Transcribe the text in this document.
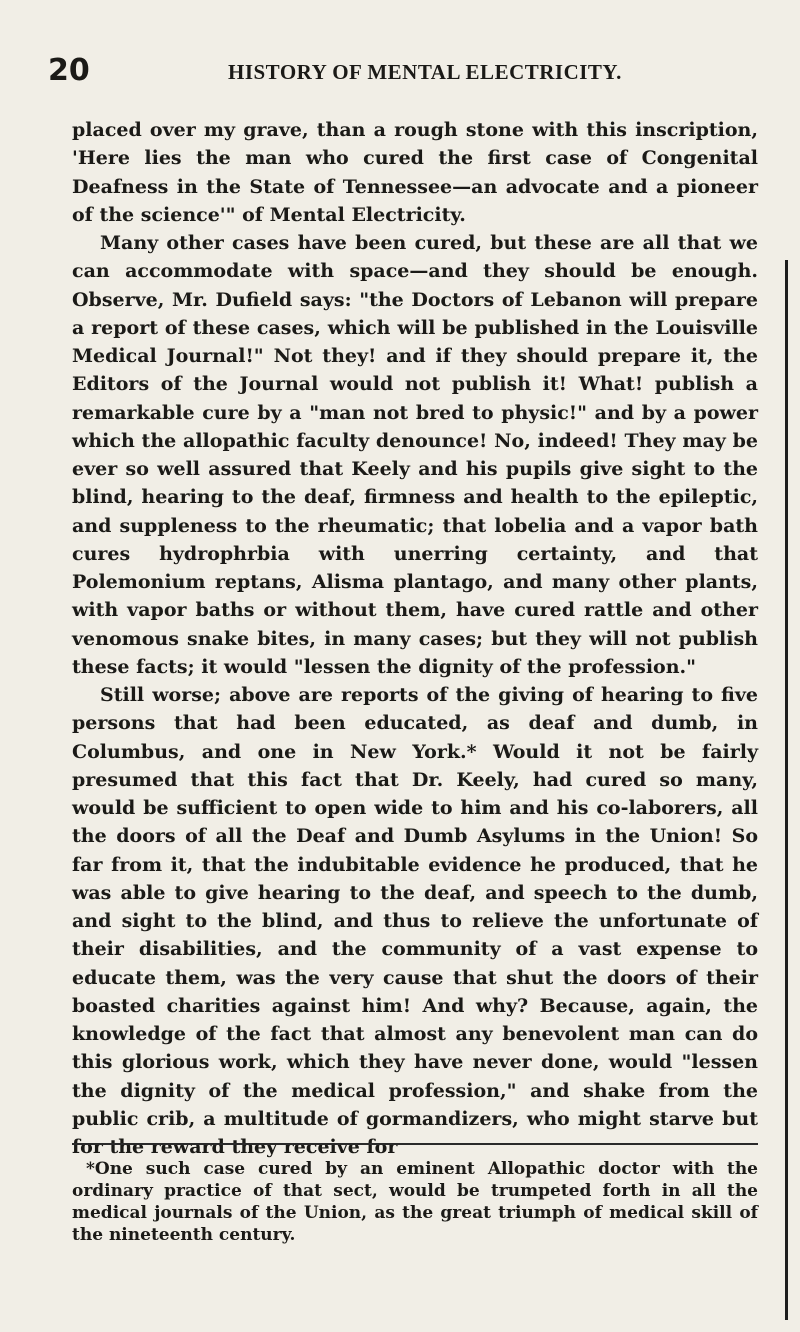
20	HISTORY OF MENTAL ELECTRICITY.

placed over my grave, than a rough stone with this inscription, 'Here lies the man who cured the first case of Congenital Deafness in the State of Tennessee—an advocate and a pioneer of the science'" of Mental Electricity.

Many other cases have been cured, but these are all that we can accommodate with space—and they should be enough. Observe, Mr. Dufield says: "the Doctors of Lebanon will prepare a report of these cases, which will be published in the Louisville Medical Journal!" Not they! and if they should prepare it, the Editors of the Journal would not publish it! What! publish a remarkable cure by a "man not bred to physic!" and by a power which the allopathic faculty denounce! No, indeed! They may be ever so well assured that Keely and his pupils give sight to the blind, hearing to the deaf, firmness and health to the epileptic, and suppleness to the rheumatic; that lobelia and a vapor bath cures hydrophrbia with unerring certainty, and that Polemonium reptans, Alisma plantago, and many other plants, with vapor baths or without them, have cured rattle and other venomous snake bites, in many cases; but they will not publish these facts; it would "lessen the dignity of the profession."

Still worse; above are reports of the giving of hearing to five persons that had been educated, as deaf and dumb, in Columbus, and one in New York.* Would it not be fairly presumed that this fact that Dr. Keely, had cured so many, would be sufficient to open wide to him and his co-laborers, all the doors of all the Deaf and Dumb Asylums in the Union! So far from it, that the indubitable evidence he produced, that he was able to give hearing to the deaf, and speech to the dumb, and sight to the blind, and thus to relieve the unfortunate of their disabilities, and the community of a vast expense to educate them, was the very cause that shut the doors of their boasted charities against him! And why? Because, again, the knowledge of the fact that almost any benevolent man can do this glorious work, which they have never done, would "lessen the dignity of the medical profession," and shake from the public crib, a multitude of gormandizers, who might starve but for the reward they receive for

*One such case cured by an eminent Allopathic doctor with the ordinary practice of that sect, would be trumpeted forth in all the medical journals of the Union, as the great triumph of medical skill of the nineteenth century.
